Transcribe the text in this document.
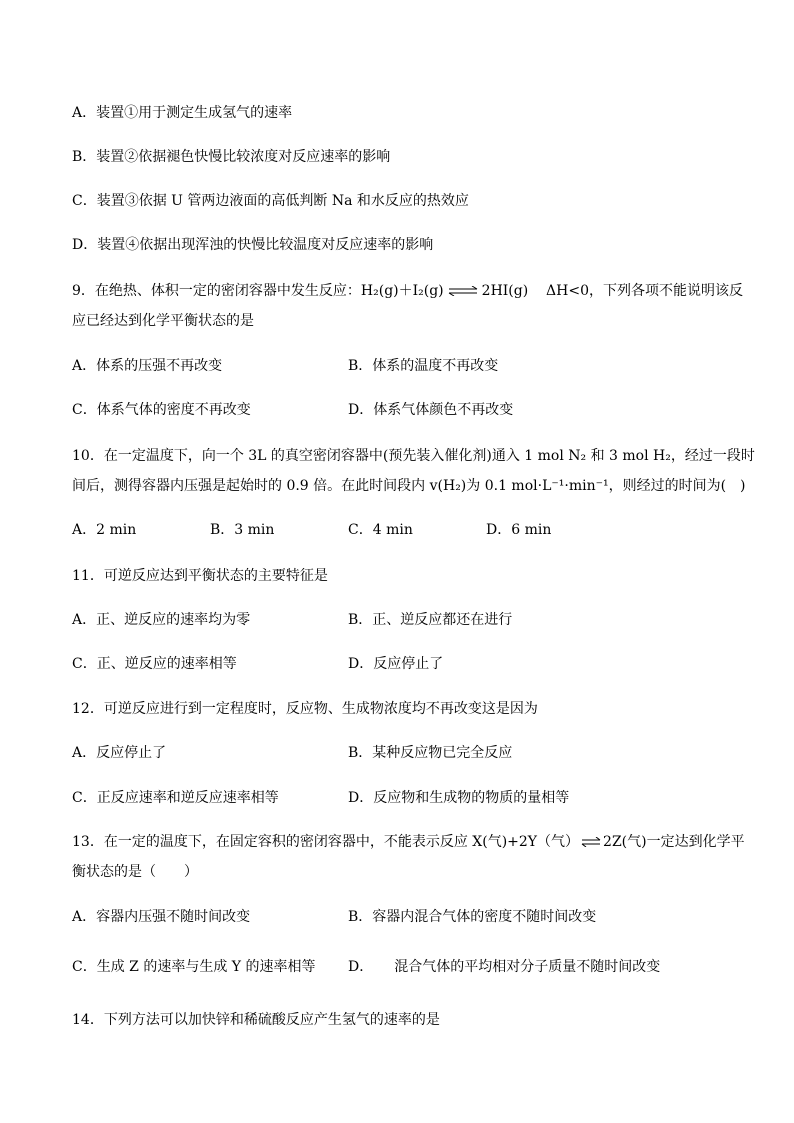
A．装置①用于测定生成氢气的速率
B．装置②依据褪色快慢比较浓度对反应速率的影响
C．装置③依据 U 管两边液面的高低判断 Na 和水反应的热效应
D．装置④依据出现浑浊的快慢比较温度对反应速率的影响
9．在绝热、体积一定的密闭容器中发生反应：H₂(g)＋I₂(g) ⇌ 2HI(g) ΔH<0，下列各项不能说明该反
应已经达到化学平衡状态的是
A．体系的压强不再改变	B．体系的温度不再改变
C．体系气体的密度不再改变	D．体系气体颜色不再改变
10．在一定温度下，向一个 3L 的真空密闭容器中(预先装入催化剂)通入 1 mol N₂ 和 3 mol H₂，经过一段时
间后，测得容器内压强是起始时的 0.9 倍。在此时间段内 v(H₂)为 0.1 mol·L⁻¹·min⁻¹，则经过的时间为(　)
A．2 min	B．3 min	C．4 min	D．6 min
11．可逆反应达到平衡状态的主要特征是
A．正、逆反应的速率均为零	B．正、逆反应都还在进行
C．正、逆反应的速率相等	D．反应停止了
12．可逆反应进行到一定程度时，反应物、生成物浓度均不再改变这是因为
A．反应停止了	B．某种反应物已完全反应
C．正反应速率和逆反应速率相等	D．反应物和生成物的物质的量相等
13．在一定的温度下，在固定容积的密闭容器中，不能表示反应 X(气)+2Y（气） ⇌ 2Z(气)一定达到化学平
衡状态的是（　　）
A．容器内压强不随时间改变	B．容器内混合气体的密度不随时间改变
C．生成 Z 的速率与生成 Y 的速率相等 D．　　混合气体的平均相对分子质量不随时间改变
14．下列方法可以加快锌和稀硫酸反应产生氢气的速率的是
